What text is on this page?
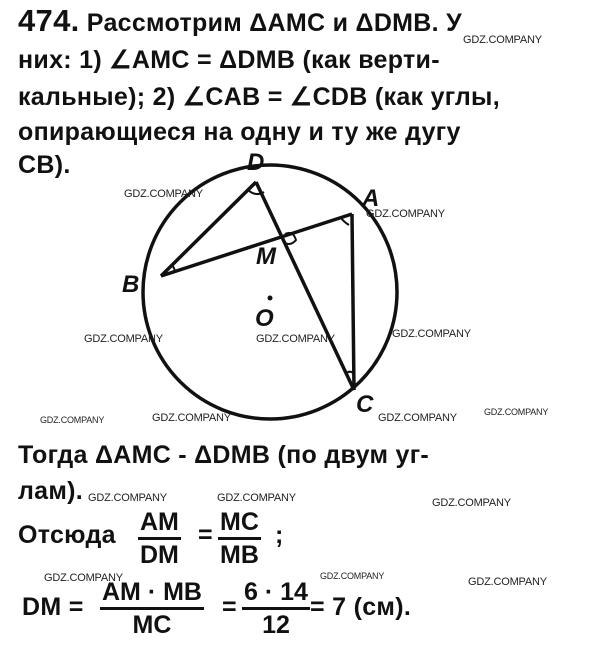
474. Рассмотрим ΔAMC и ΔDMB. У
них: 1) ∠AMC = ΔDMB (как верти-
кальные); 2) ∠CAB = ∠CDB (как углы,
опирающиеся на одну и ту же дугу
CB).	D
A
B
M
O
C
Тогда ΔAMC - ΔDMB (по двум уг-
лам).
Отсюда AM
DM
= MC
MB
;
DM =
AM · MB
MC
=
6 · 14
12
= 7 (см).
GDZ.COMPANY
GDZ.COMPANY
GDZ.COMPANY
GDZ.COMPANY	GDZ.COMPANY	GDZ.COMPANY
GDZ.COMPANY	GDZ.COMPANY	GDZ.COMPANY	GDZ.COMPANY
GDZ.COMPANY	GDZ.COMPANY	GDZ.COMPANY
GDZ.COMPANY	GDZ.COMPANY	GDZ.COMPANY
